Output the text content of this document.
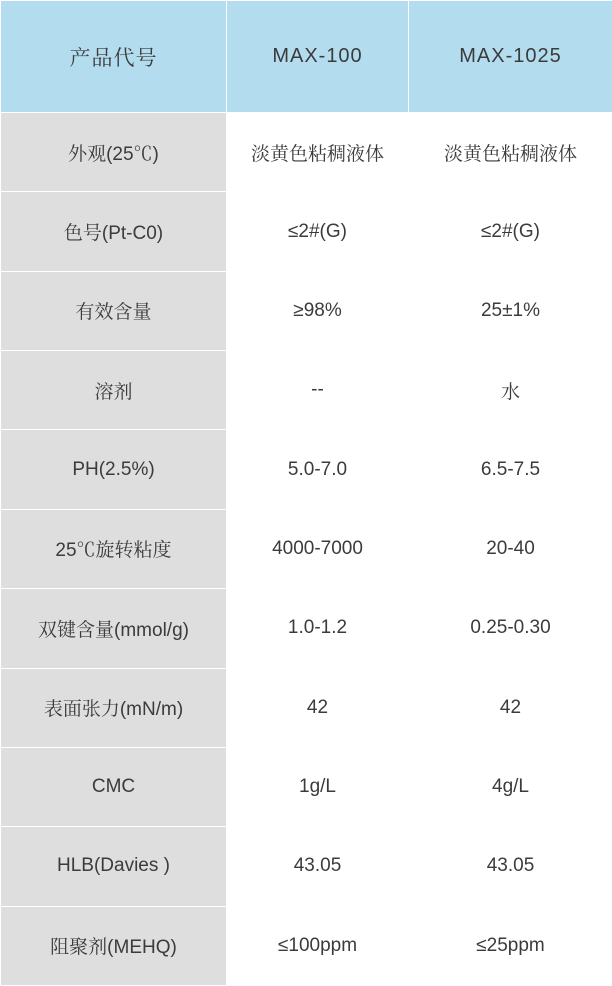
产品代号	MAX-100	MAX-1025
外观(25℃)	淡黄色粘稠液体	淡黄色粘稠液体
色号(Pt-C0)	≤2#(G)	≤2#(G)
有效含量	≥98%	25±1%
溶剂	--	水
PH(2.5%)	5.0-7.0	6.5-7.5
25℃旋转粘度	4000-7000	20-40
双键含量(mmol/g)	1.0-1.2	0.25-0.30
表面张力(mN/m)	42	42
CMC	1g/L	4g/L
HLB(Davies )	43.05	43.05
阻聚剂(MEHQ)	≤100ppm	≤25ppm
